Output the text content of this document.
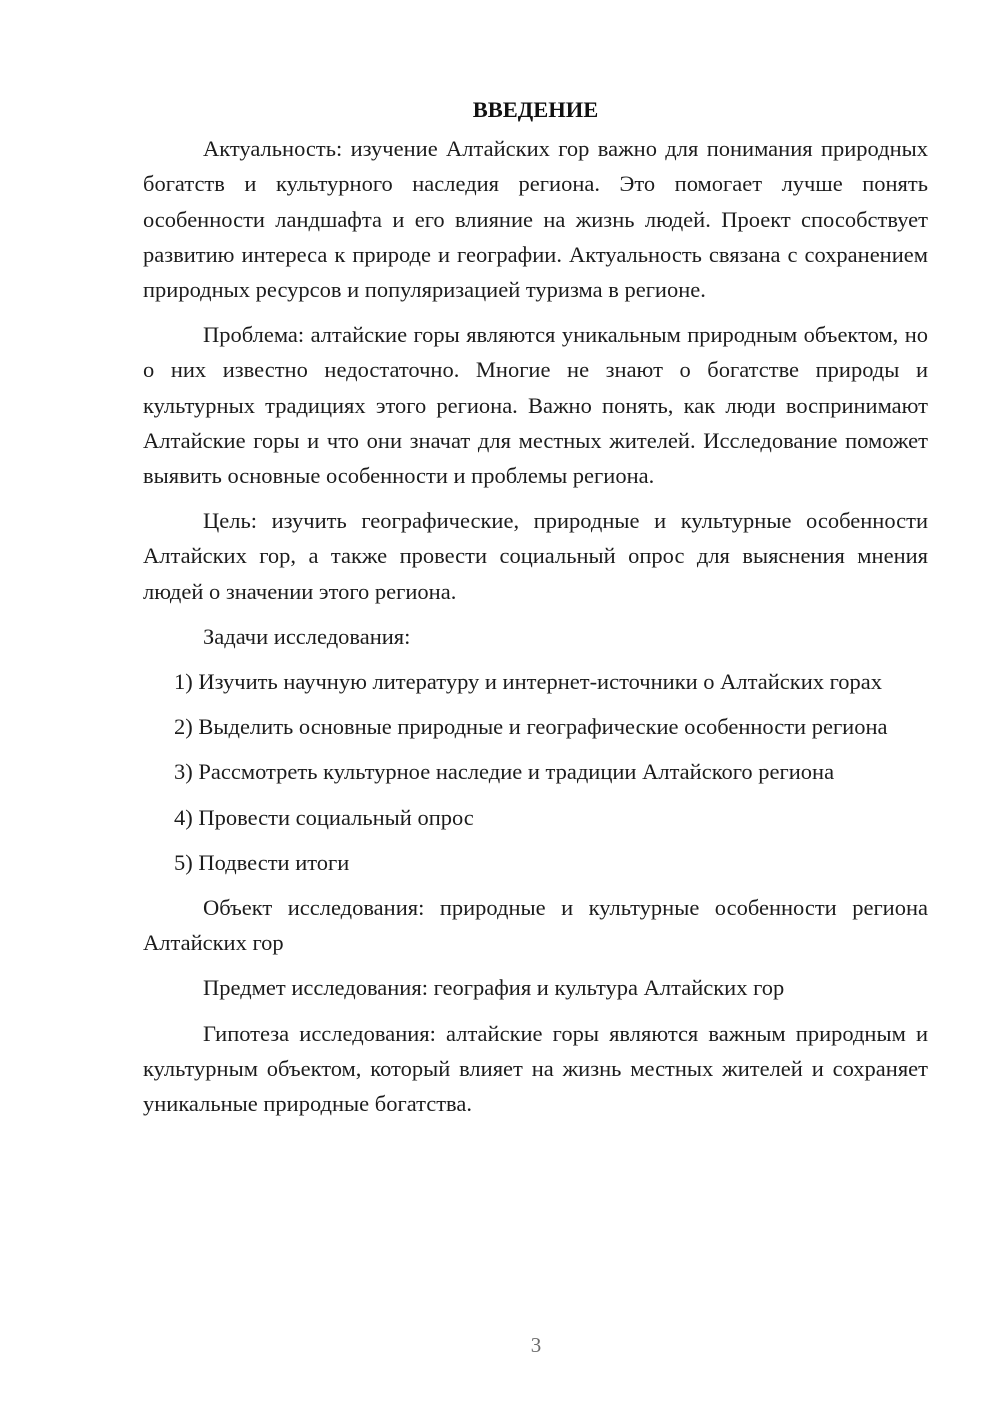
ВВЕДЕНИЕ

Актуальность: изучение Алтайских гор важно для понимания природных богатств и культурного наследия региона. Это помогает лучше понять особенности ландшафта и его влияние на жизнь людей. Проект способствует развитию интереса к природе и географии. Актуальность связана с сохранением природных ресурсов и популяризацией туризма в регионе.

Проблема: алтайские горы являются уникальным природным объектом, но о них известно недостаточно. Многие не знают о богатстве природы и культурных традициях этого региона. Важно понять, как люди воспринимают Алтайские горы и что они значат для местных жителей. Исследование поможет выявить основные особенности и проблемы региона.

Цель: изучить географические, природные и культурные особенности Алтайских гор, а также провести социальный опрос для выяснения мнения людей о значении этого региона.

Задачи исследования:

1) Изучить научную литературу и интернет-источники о Алтайских горах

2) Выделить основные природные и географические особенности региона

3) Рассмотреть культурное наследие и традиции Алтайского региона

4) Провести социальный опрос

5) Подвести итоги

Объект исследования: природные и культурные особенности региона Алтайских гор

Предмет исследования: география и культура Алтайских гор

Гипотеза исследования: алтайские горы являются важным природным и культурным объектом, который влияет на жизнь местных жителей и сохраняет уникальные природные богатства.

3
